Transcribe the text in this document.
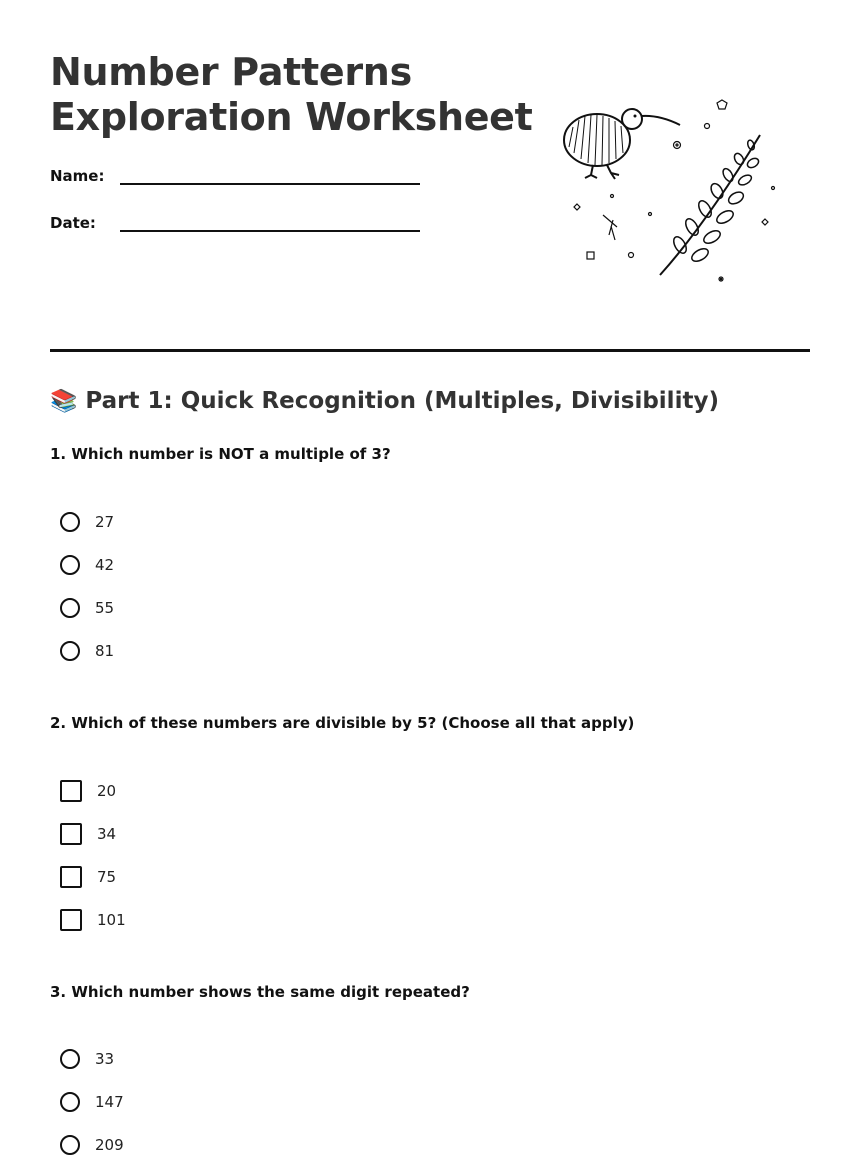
Number Patterns
Exploration Worksheet
Name:
Date:
📚 Part 1: Quick Recognition (Multiples, Divisibility)

1. Which number is NOT a multiple of 3?

27
42
55
81

2. Which of these numbers are divisible by 5? (Choose all that apply)

20
34
75
101

3. Which number shows the same digit repeated?

33
147
209
